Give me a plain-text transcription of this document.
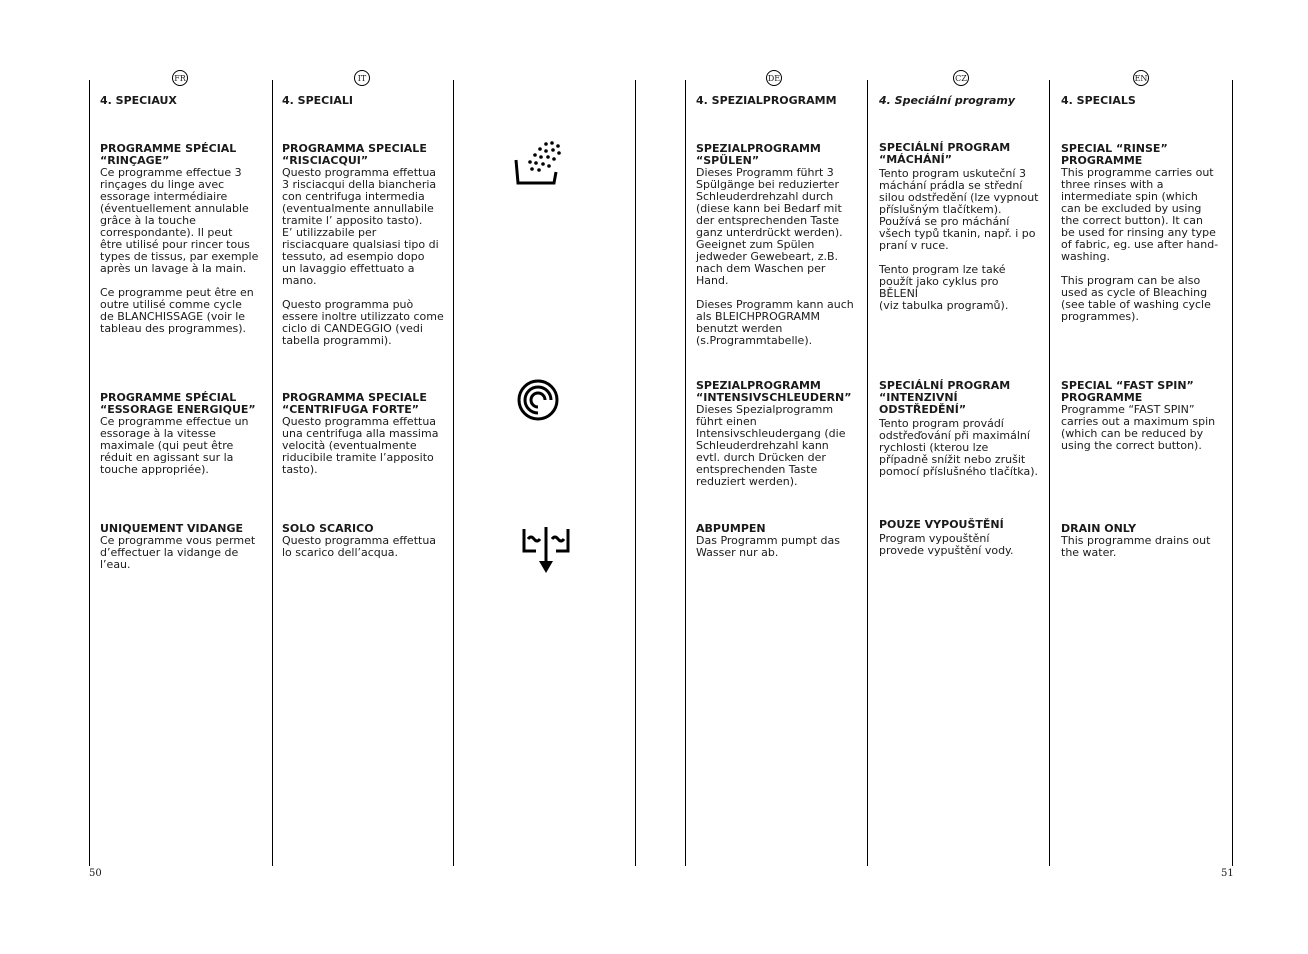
FR
4. SPECIAUX
PROGRAMME SPÉCIAL
“RINÇAGE”
Ce programme effectue 3
rinçages du linge avec
essorage intermédiaire
(éventuellement annulable
grâce à la touche
correspondante). Il peut
être utilisé pour rincer tous
types de tissus, par exemple
après un lavage à la main.
Ce programme peut être en
outre utilisé comme cycle
de BLANCHISSAGE (voir le
tableau des programmes).
PROGRAMME SPÉCIAL
“ESSORAGE ENERGIQUE”
Ce programme effectue un
essorage à la vitesse
maximale (qui peut être
réduit en agissant sur la
touche appropriée).
UNIQUEMENT VIDANGE
Ce programme vous permet
d’effectuer la vidange de
l’eau.
IT
4. SPECIALI
PROGRAMMA SPECIALE
“RISCIACQUI”
Questo programma effettua
3 risciacqui della biancheria
con centrifuga intermedia
(eventualmente annullabile
tramite l’ apposito tasto).
E’ utilizzabile per
risciacquare qualsiasi tipo di
tessuto, ad esempio dopo
un lavaggio effettuato a
mano.
Questo programma può
essere inoltre utilizzato come
ciclo di CANDEGGIO (vedi
tabella programmi).
PROGRAMMA SPECIALE
“CENTRIFUGA FORTE”
Questo programma effettua
una centrifuga alla massima
velocità (eventualmente
riducibile tramite l’apposito
tasto).
SOLO SCARICO
Questo programma effettua
lo scarico dell’acqua.
DE
4. SPEZIALPROGRAMM
SPEZIALPROGRAMM
“SPÜLEN”
Dieses Programm führt 3
Spülgänge bei reduzierter
Schleuderdrehzahl durch
(diese kann bei Bedarf mit
der entsprechenden Taste
ganz unterdrückt werden).
Geeignet zum Spülen
jedweder Gewebeart, z.B.
nach dem Waschen per
Hand.
Dieses Programm kann auch
als BLEICHPROGRAMM
benutzt werden
(s.Programmtabelle).
SPEZIALPROGRAMM
“INTENSIVSCHLEUDERN”
Dieses Spezialprogramm
führt einen
Intensivschleudergang (die
Schleuderdrehzahl kann
evtl. durch Drücken der
entsprechenden Taste
reduziert werden).
ABPUMPEN
Das Programm pumpt das
Wasser nur ab.
CZ
4. Speciální programy
SPECIÁLNÍ PROGRAM
“MÁCHÁNÍ”
Tento program uskuteční 3
máchání prádla se střední
silou odstředění (lze vypnout
příslušným tlačítkem).
Používá se pro máchání
všech typů tkanin, např. i po
praní v ruce.
Tento program lze také
použít jako cyklus pro BĚLENÍ
(viz tabulka programů).
SPECIÁLNÍ PROGRAM
“INTENZIVNÍ ODSTŘEDĚNÍ”
Tento program provádí
odstřeďování při maximální
rychlosti (kterou lze
případně snížit nebo zrušit
pomocí příslušného tlačítka).
POUZE VYPOUŠTĚNÍ
Program vypouštění
provede vypuštění vody.
EN
4. SPECIALS
SPECIAL “RINSE”
PROGRAMME
This programme carries out
three rinses with a
intermediate spin (which
can be excluded by using
the correct button). It can
be used for rinsing any type
of fabric, eg. use after hand-
washing.
This program can be also
used as cycle of Bleaching
(see table of washing cycle
programmes).
SPECIAL “FAST SPIN”
PROGRAMME
Programme “FAST SPIN”
carries out a maximum spin
(which can be reduced by
using the correct button).
DRAIN ONLY
This programme drains out
the water.
50	51
